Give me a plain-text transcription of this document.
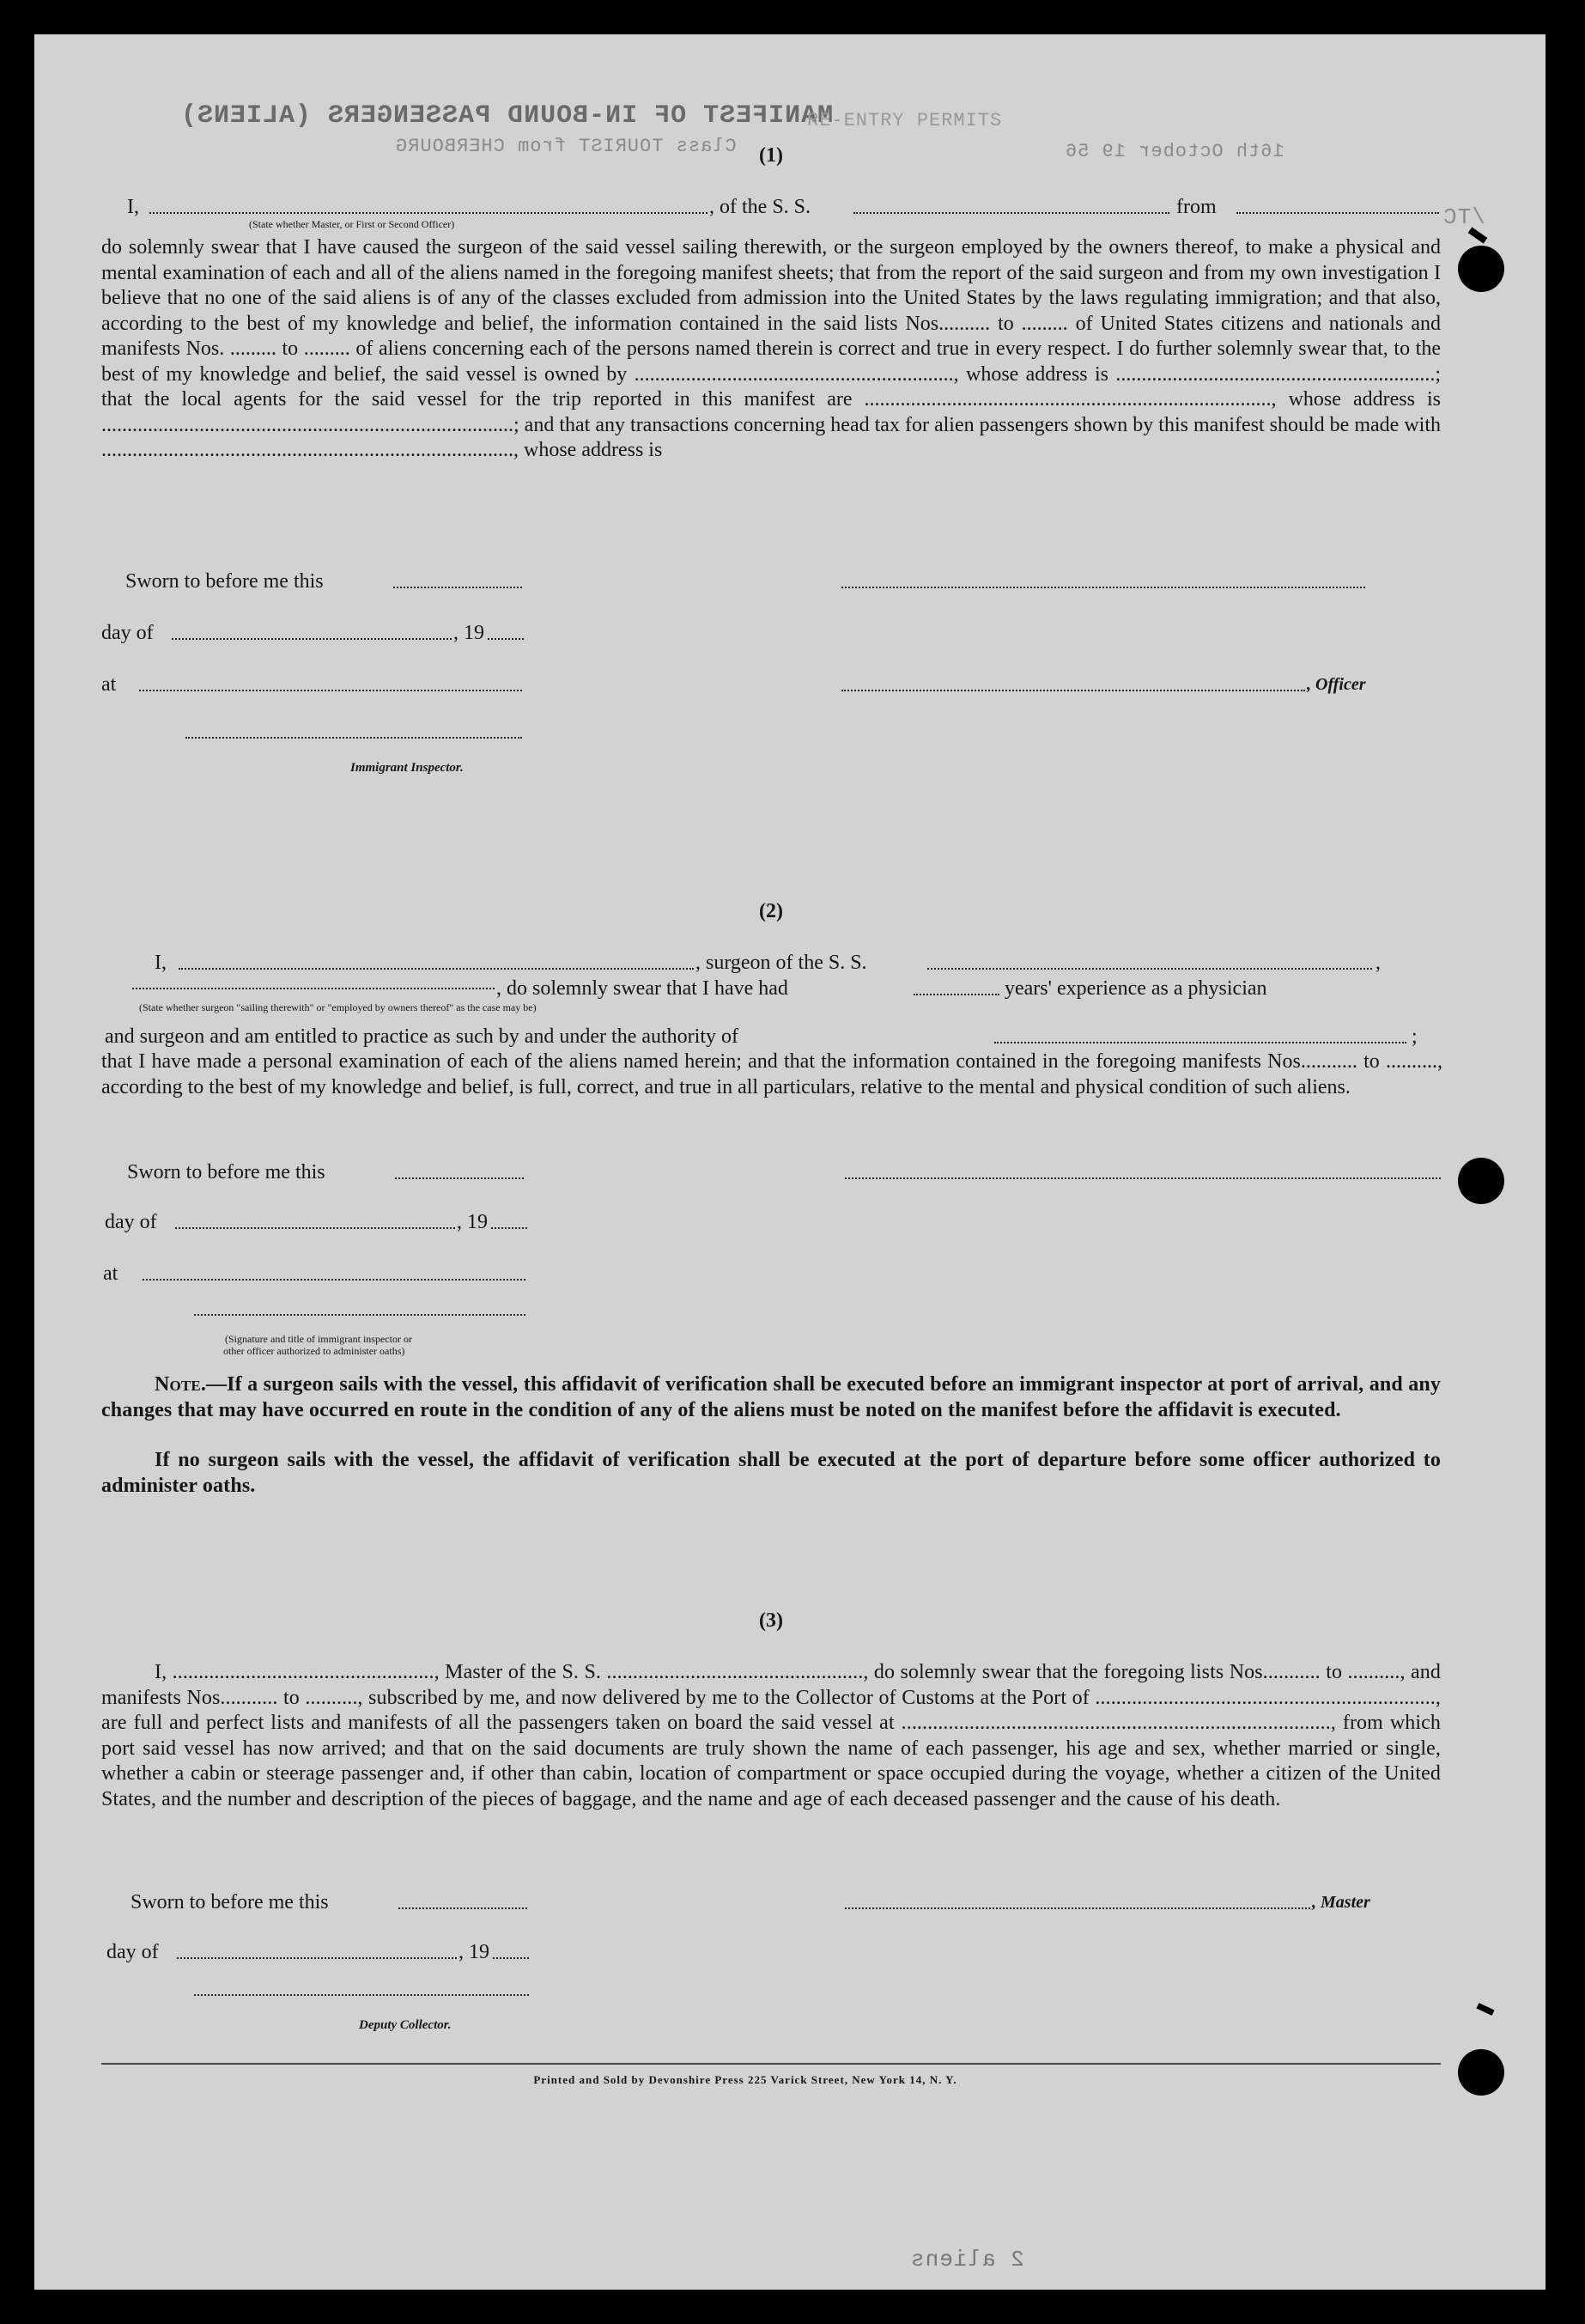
MANIFEST OF IN-BOUND PASSENGERS (ALIENS)
Class TOURIST from CHERBOURG	16th October 19 56
RE-ENTRY PERMITS
/TC
2 aliens
(1)
I,	, of the S. S.	from
(State whether Master, or First or Second Officer)
do solemnly swear that I have caused the surgeon of the said vessel sailing therewith, or the surgeon employed by the owners thereof, to make a physical and mental examination of each and all of the aliens named in the foregoing manifest sheets; that from the report of the said surgeon and from my own investigation I believe that no one of the said aliens is of any of the classes excluded from admission into the United States by the laws regulating immigration; and that also, according to the best of my knowledge and belief, the information contained in the said lists Nos.......... to ......... of United States citizens and nationals and manifests Nos. ......... to ......... of aliens concerning each of the persons named therein is correct and true in every respect. I do further solemnly swear that, to the best of my knowledge and belief, the said vessel is owned by .............................................................., whose address is ..............................................................; that the local agents for the said vessel for the trip reported in this manifest are ..............................................................................., whose address is ................................................................................; and that any transactions concerning head tax for alien passengers shown by this manifest should be made with ................................................................................, whose address is
Sworn to before me this
day of	, 19
at	, Officer
Immigrant Inspector.
(2)
I,	, surgeon of the S. S.	,
, do solemnly swear that I have had	years' experience as a physician
(State whether surgeon "sailing therewith" or "employed by owners thereof" as the case may be)
and surgeon and am entitled to practice as such by and under the authority of	;
that I have made a personal examination of each of the aliens named herein; and that the information contained in the foregoing manifests Nos........... to .........., according to the best of my knowledge and belief, is full, correct, and true in all particulars, relative to the mental and physical condition of such aliens.
Sworn to before me this
day of	, 19
at
(Signature and title of immigrant inspector or
other officer authorized to administer oaths)
Note.—If a surgeon sails with the vessel, this affidavit of verification shall be executed before an immigrant inspector at port of arrival, and any changes that may have occurred en route in the condition of any of the aliens must be noted on the manifest before the affidavit is executed.
If no surgeon sails with the vessel, the affidavit of verification shall be executed at the port of departure before some officer authorized to administer oaths.
(3)
I, .................................................., Master of the S. S. ................................................., do solemnly swear that the foregoing lists Nos........... to .........., and manifests Nos........... to .........., subscribed by me, and now delivered by me to the Collector of Customs at the Port of ................................................................., are full and perfect lists and manifests of all the passengers taken on board the said vessel at .................................................................................., from which port said vessel has now arrived; and that on the said documents are truly shown the name of each passenger, his age and sex, whether married or single, whether a cabin or steerage passenger and, if other than cabin, location of compartment or space occupied during the voyage, whether a citizen of the United States, and the number and description of the pieces of baggage, and the name and age of each deceased passenger and the cause of his death.
Sworn to before me this	, Master
day of	, 19
Deputy Collector.
Printed and Sold by Devonshire Press 225 Varick Street, New York 14, N. Y.
